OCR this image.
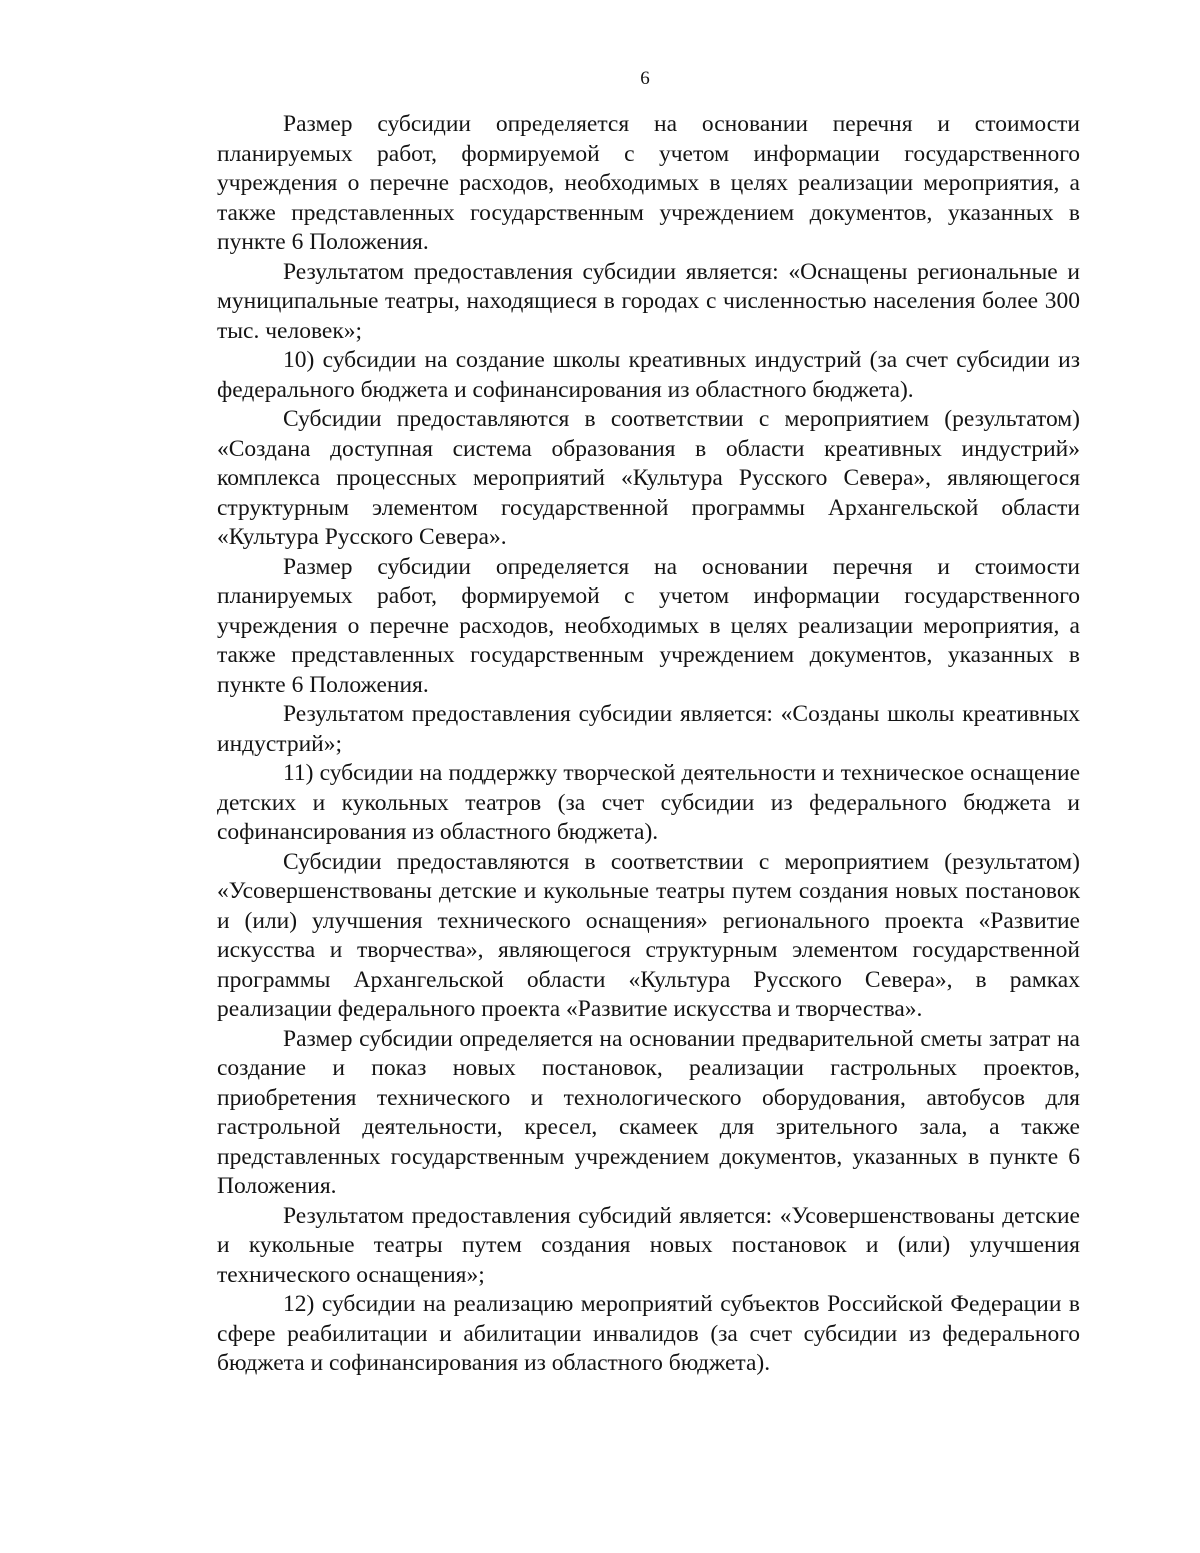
6

Размер субсидии определяется на основании перечня и стоимости планируемых работ, формируемой с учетом информации государственного учреждения о перечне расходов, необходимых в целях реализации мероприятия, а также представленных государственным учреждением документов, указанных в пункте 6 Положения.

Результатом предоставления субсидии является: «Оснащены региональные и муниципальные театры, находящиеся в городах с численностью населения более 300 тыс. человек»;

10) субсидии на создание школы креативных индустрий (за счет субсидии из федерального бюджета и софинансирования из областного бюджета).

Субсидии предоставляются в соответствии с мероприятием (результатом) «Создана доступная система образования в области креативных индустрий» комплекса процессных мероприятий «Культура Русского Севера», являющегося структурным элементом государственной программы Архангельской области «Культура Русского Севера».

Размер субсидии определяется на основании перечня и стоимости планируемых работ, формируемой с учетом информации государственного учреждения о перечне расходов, необходимых в целях реализации мероприятия, а также представленных государственным учреждением документов, указанных в пункте 6 Положения.

Результатом предоставления субсидии является: «Созданы школы креативных индустрий»;

11) субсидии на поддержку творческой деятельности и техническое оснащение детских и кукольных театров (за счет субсидии из федерального бюджета и софинансирования из областного бюджета).

Субсидии предоставляются в соответствии с мероприятием (результатом) «Усовершенствованы детские и кукольные театры путем создания новых постановок и (или) улучшения технического оснащения» регионального проекта «Развитие искусства и творчества», являющегося структурным элементом государственной программы Архангельской области «Культура Русского Севера», в рамках реализации федерального проекта «Развитие искусства и творчества».

Размер субсидии определяется на основании предварительной сметы затрат на создание и показ новых постановок, реализации гастрольных проектов, приобретения технического и технологического оборудования, автобусов для гастрольной деятельности, кресел, скамеек для зрительного зала, а также представленных государственным учреждением документов, указанных в пункте 6 Положения.

Результатом предоставления субсидий является: «Усовершенствованы детские и кукольные театры путем создания новых постановок и (или) улучшения технического оснащения»;

12) субсидии на реализацию мероприятий субъектов Российской Федерации в сфере реабилитации и абилитации инвалидов (за счет субсидии из федерального бюджета и софинансирования из областного бюджета).
